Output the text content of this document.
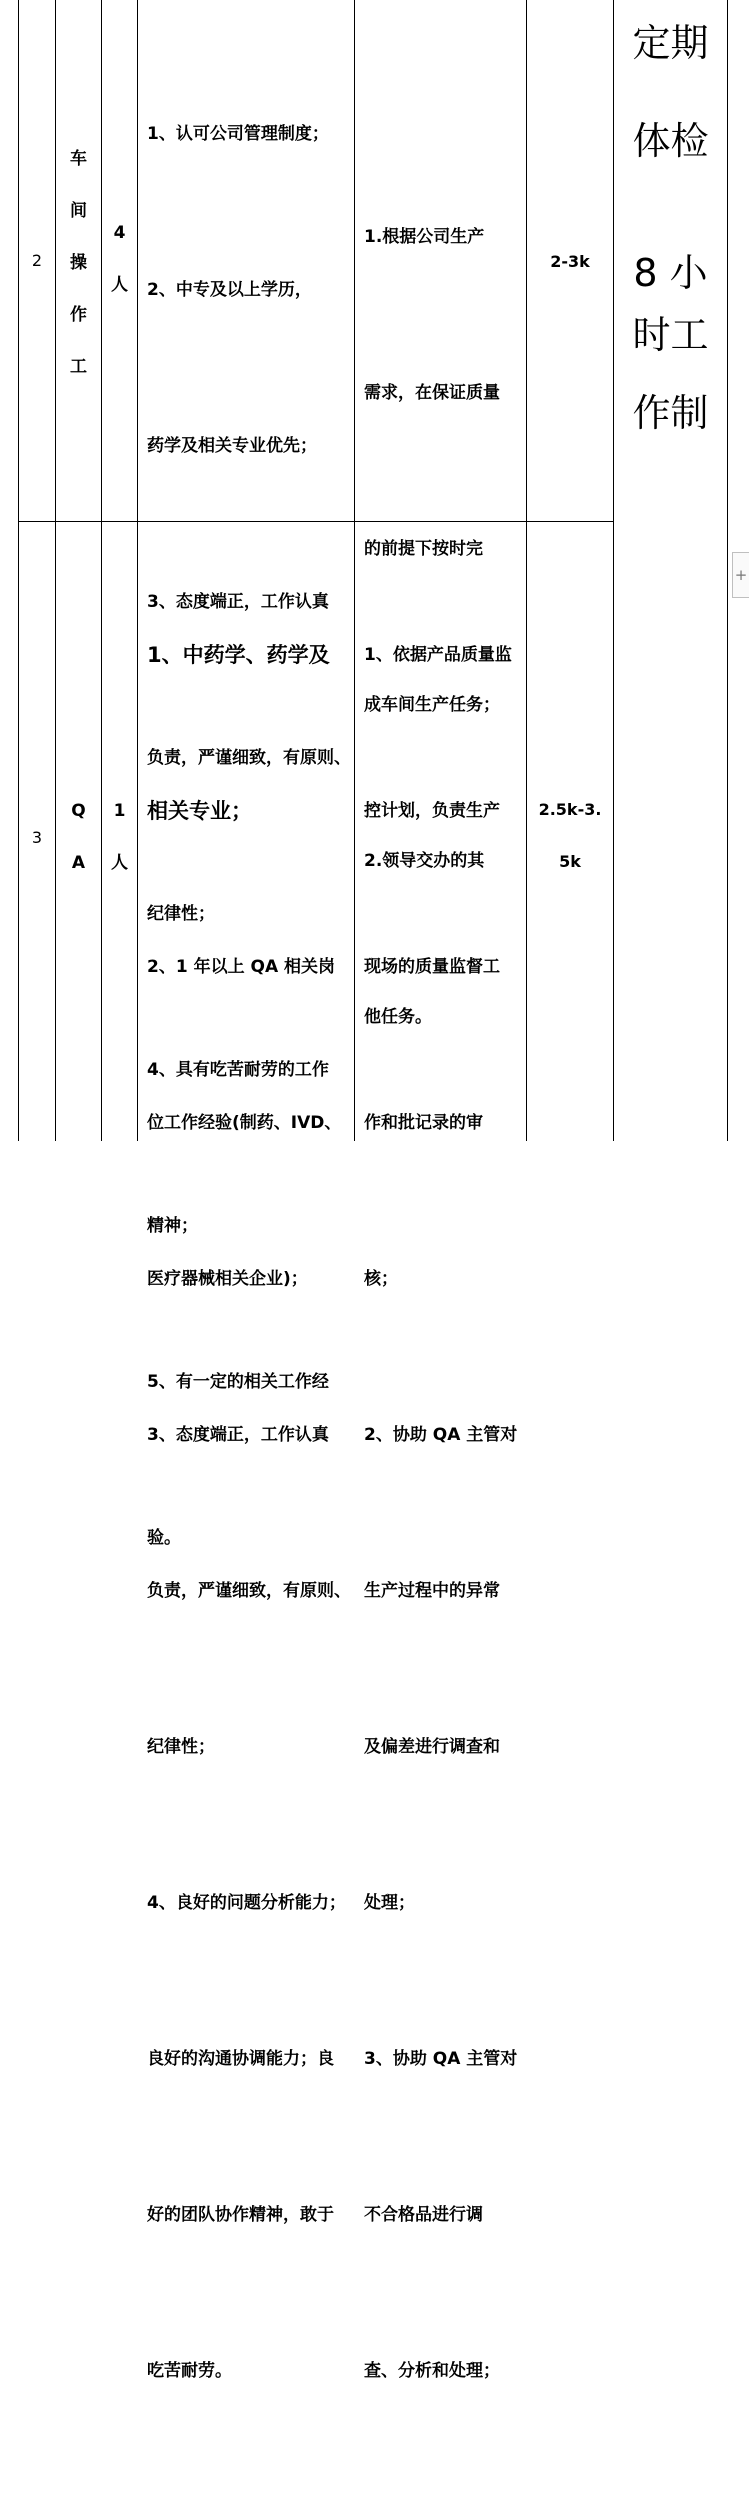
2
车
间
操
作
工
4
人

1、认可公司管理制度；

2、中专及以上学历，

药学及相关专业优先；

3、态度端正，工作认真

负责，严谨细致，有原则、

纪律性；

4、具有吃苦耐劳的工作

精神；

5、有一定的相关工作经

验。

1.根据公司生产

需求，在保证质量

的前提下按时完

成车间生产任务；

2.领导交办的其

他任务。

2-3k
定期
体检
8 小
时工
作制
3
Q
A
1
人

1、中药学、药学及

相关专业；

2、1 年以上 QA 相关岗

位工作经验(制药、IVD、

医疗器械相关企业)；

3、态度端正，工作认真

负责，严谨细致，有原则、

纪律性；

4、良好的问题分析能力；

良好的沟通协调能力；良

好的团队协作精神，敢于

吃苦耐劳。

1、依据产品质量监

控计划，负责生产

现场的质量监督工

作和批记录的审

核；

2、协助 QA 主管对

生产过程中的异常

及偏差进行调查和

处理；

3、协助 QA 主管对

不合格品进行调

查、分析和处理；

2.5k-3.
5k
+
